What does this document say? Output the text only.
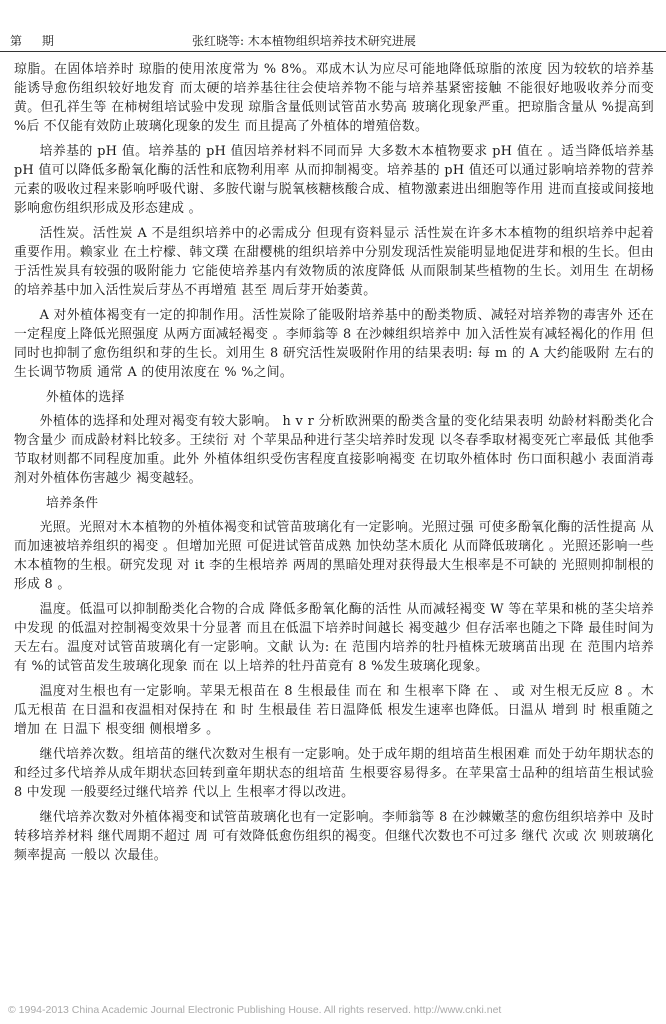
第 期	张红晓等: 木本植物组织培养技术研究进展

琼脂。在固体培养时 琼脂的使用浓度常为 % 8%。邓成木认为应尽可能地降低琼脂的浓度 因为较软的培养基能诱导愈伤组织较好地发育 而太硬的培养基往往会使培养物不能与培养基紧密接触 不能很好地吸收养分而变黄。但孔祥生等 在柿树组培试验中发现 琼脂含量低则试管苗水势高 玻璃化现象严重。把琼脂含量从 %提高到 %后 不仅能有效防止玻璃化现象的发生 而且提高了外植体的增殖倍数。

培养基的 pH 值。培养基的 pH 值因培养材料不同而异 大多数木本植物要求 pH 值在 。适当降低培养基 pH 值可以降低多酚氧化酶的活性和底物利用率 从而抑制褐变。培养基的 pH 值还可以通过影响培养物的营养元素的吸收过程来影响呼吸代谢、多胺代谢与脱氧核糖核酸合成、植物激素进出细胞等作用 进而直接或间接地影响愈伤组织形成及形态建成 。

活性炭。活性炭 A 不是组织培养中的必需成分 但现有资料显示 活性炭在许多木本植物的组织培养中起着重要作用。赖家业 在土柠檬、韩文璞 在甜樱桃的组织培养中分别发现活性炭能明显地促进芽和根的生长。但由于活性炭具有较强的吸附能力 它能使培养基内有效物质的浓度降低 从而限制某些植物的生长。刘用生 在胡杨的培养基中加入活性炭后芽丛不再增殖 甚至 周后芽开始萎黄。

A 对外植体褐变有一定的抑制作用。活性炭除了能吸附培养基中的酚类物质、减轻对培养物的毒害外 还在一定程度上降低光照强度 从两方面减轻褐变 。李师翁等 8 在沙棘组织培养中 加入活性炭有减轻褐化的作用 但同时也抑制了愈伤组织和芽的生长。刘用生 8 研究活性炭吸附作用的结果表明: 每 m 的 A 大约能吸附 左右的生长调节物质 通常 A 的使用浓度在 % %之间。

外植体的选择

外植体的选择和处理对褐变有较大影响。 h v r 分析欧洲栗的酚类含量的变化结果表明 幼龄材料酚类化合物含量少 而成龄材料比较多。王续衍 对 个苹果品种进行茎尖培养时发现 以冬春季取材褐变死亡率最低 其他季节取材则都不同程度加重。此外 外植体组织受伤害程度直接影响褐变 在切取外植体时 伤口面积越小 表面消毒剂对外植体伤害越少 褐变越轻。

培养条件

光照。光照对木本植物的外植体褐变和试管苗玻璃化有一定影响。光照过强 可使多酚氧化酶的活性提高 从而加速被培养组织的褐变 。但增加光照 可促进试管苗成熟 加快幼茎木质化 从而降低玻璃化 。光照还影响一些木本植物的生根。研究发现 对 it 李的生根培养 两周的黑暗处理对获得最大生根率是不可缺的 光照则抑制根的形成 8 。

温度。低温可以抑制酚类化合物的合成 降低多酚氧化酶的活性 从而减轻褐变 W 等在苹果和桃的茎尖培养中发现 的低温对控制褐变效果十分显著 而且在低温下培养时间越长 褐变越少 但存活率也随之下降 最佳时间为 天左右。温度对试管苗玻璃化有一定影响。文献 认为: 在 范围内培养的牡丹植株无玻璃苗出现 在 范围内培养 有 %的试管苗发生玻璃化现象 而在 以上培养的牡丹苗竟有 8 %发生玻璃化现象。

温度对生根也有一定影响。苹果无根苗在 8 生根最佳 而在 和 生根率下降 在 、 或 对生根无反应 8 。木瓜无根苗 在日温和夜温相对保持在 和 时 生根最佳 若日温降低 根发生速率也降低。日温从 增到 时 根重随之增加 在 日温下 根变细 侧根增多 。

继代培养次数。组培苗的继代次数对生根有一定影响。处于成年期的组培苗生根困难 而处于幼年期状态的和经过多代培养从成年期状态回转到童年期状态的组培苗 生根要容易得多。在苹果富士品种的组培苗生根试验 8 中发现 一般要经过继代培养 代以上 生根率才得以改进。

继代培养次数对外植体褐变和试管苗玻璃化也有一定影响。李师翁等 8 在沙棘嫩茎的愈伤组织培养中 及时转移培养材料 继代周期不超过 周 可有效降低愈伤组织的褐变。但继代次数也不可过多 继代 次或 次 则玻璃化频率提高 一般以 次最佳。

© 1994-2013 China Academic Journal Electronic Publishing House. All rights reserved. http://www.cnki.net
